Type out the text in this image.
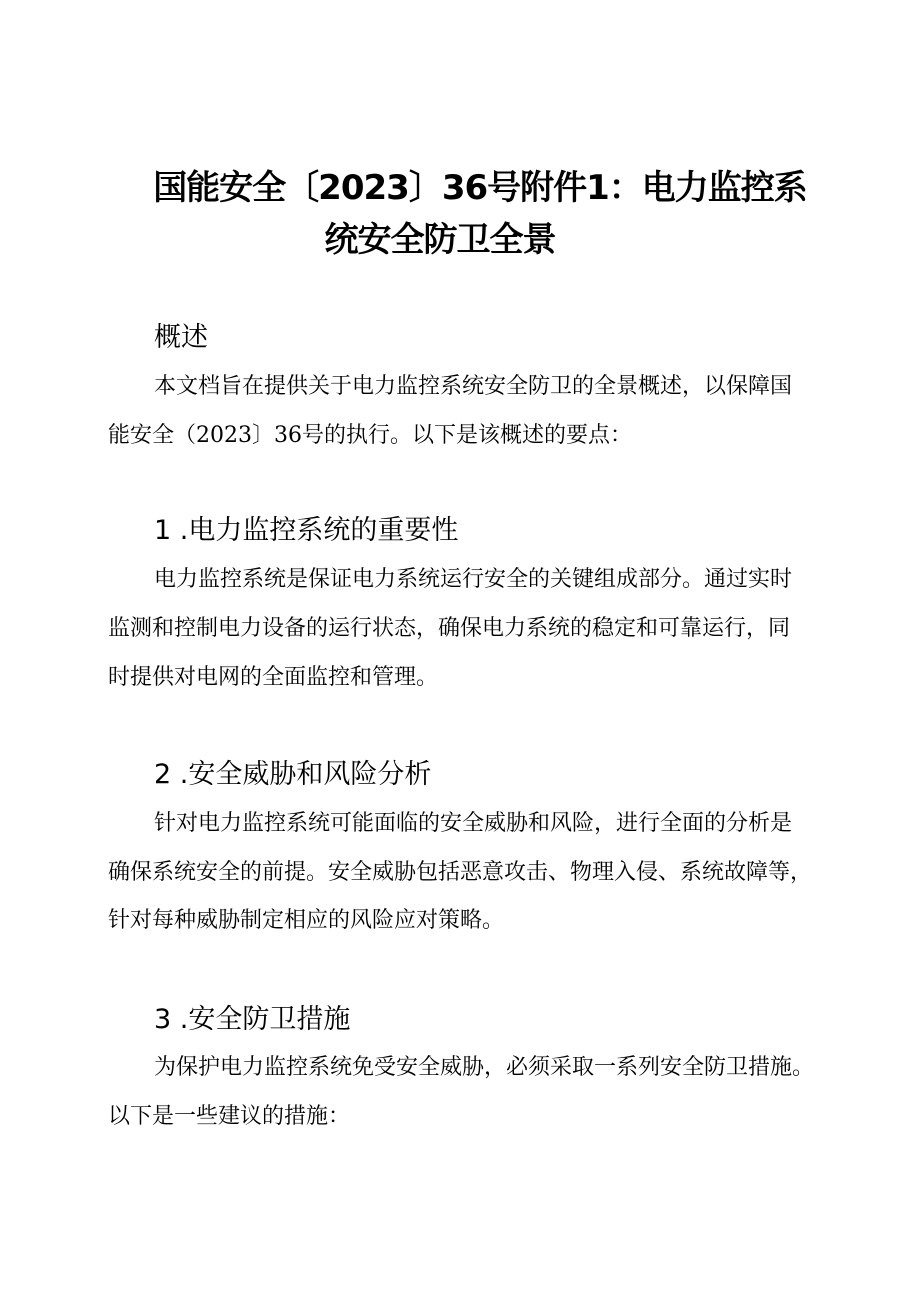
国能安全〔2023〕36号附件1：电力监控系
统安全防卫全景
概述
本文档旨在提供关于电力监控系统安全防卫的全景概述，以保障国
能安全（2023〕36号的执行。以下是该概述的要点：
1 .电力监控系统的重要性
电力监控系统是保证电力系统运行安全的关键组成部分。通过实时
监测和控制电力设备的运行状态，确保电力系统的稳定和可靠运行，同
时提供对电网的全面监控和管理。
2 .安全威胁和风险分析
针对电力监控系统可能面临的安全威胁和风险，进行全面的分析是
确保系统安全的前提。安全威胁包括恶意攻击、物理入侵、系统故障等，
针对每种威胁制定相应的风险应对策略。
3 .安全防卫措施
为保护电力监控系统免受安全威胁，必须采取一系列安全防卫措施。
以下是一些建议的措施：
